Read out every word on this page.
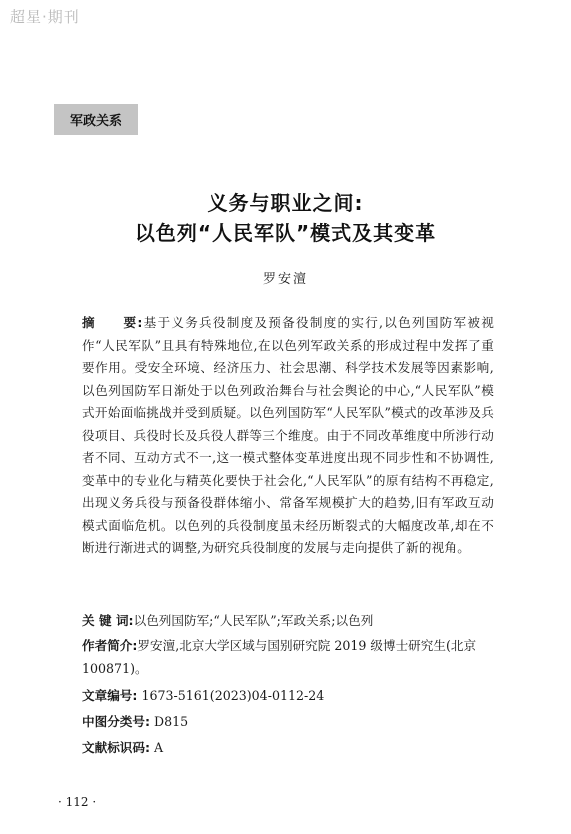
超星·期刊
军政关系
义务与职业之间:
以色列“人民军队”模式及其变革
罗安澶
摘　　要:基于义务兵役制度及预备役制度的实行,以色列国防军被视作“人民军队”且具有特殊地位,在以色列军政关系的形成过程中发挥了重要作用。受安全环境、经济压力、社会思潮、科学技术发展等因素影响,以色列国防军日渐处于以色列政治舞台与社会舆论的中心,“人民军队”模式开始面临挑战并受到质疑。以色列国防军“人民军队”模式的改革涉及兵役项目、兵役时长及兵役人群等三个维度。由于不同改革维度中所涉行动者不同、互动方式不一,这一模式整体变革进度出现不同步性和不协调性,变革中的专业化与精英化要快于社会化,“人民军队”的原有结构不再稳定,出现义务兵役与预备役群体缩小、常备军规模扩大的趋势,旧有军政互动模式面临危机。以色列的兵役制度虽未经历断裂式的大幅度改革,却在不断进行渐进式的调整,为研究兵役制度的发展与走向提供了新的视角。
关 键 词:以色列国防军;“人民军队”;军政关系;以色列
作者简介:罗安澶,北京大学区域与国别研究院 2019 级博士研究生(北京 100871)。
文章编号: 1673-5161(2023)04-0112-24
中图分类号: D815
文献标识码: A
· 112 ·
